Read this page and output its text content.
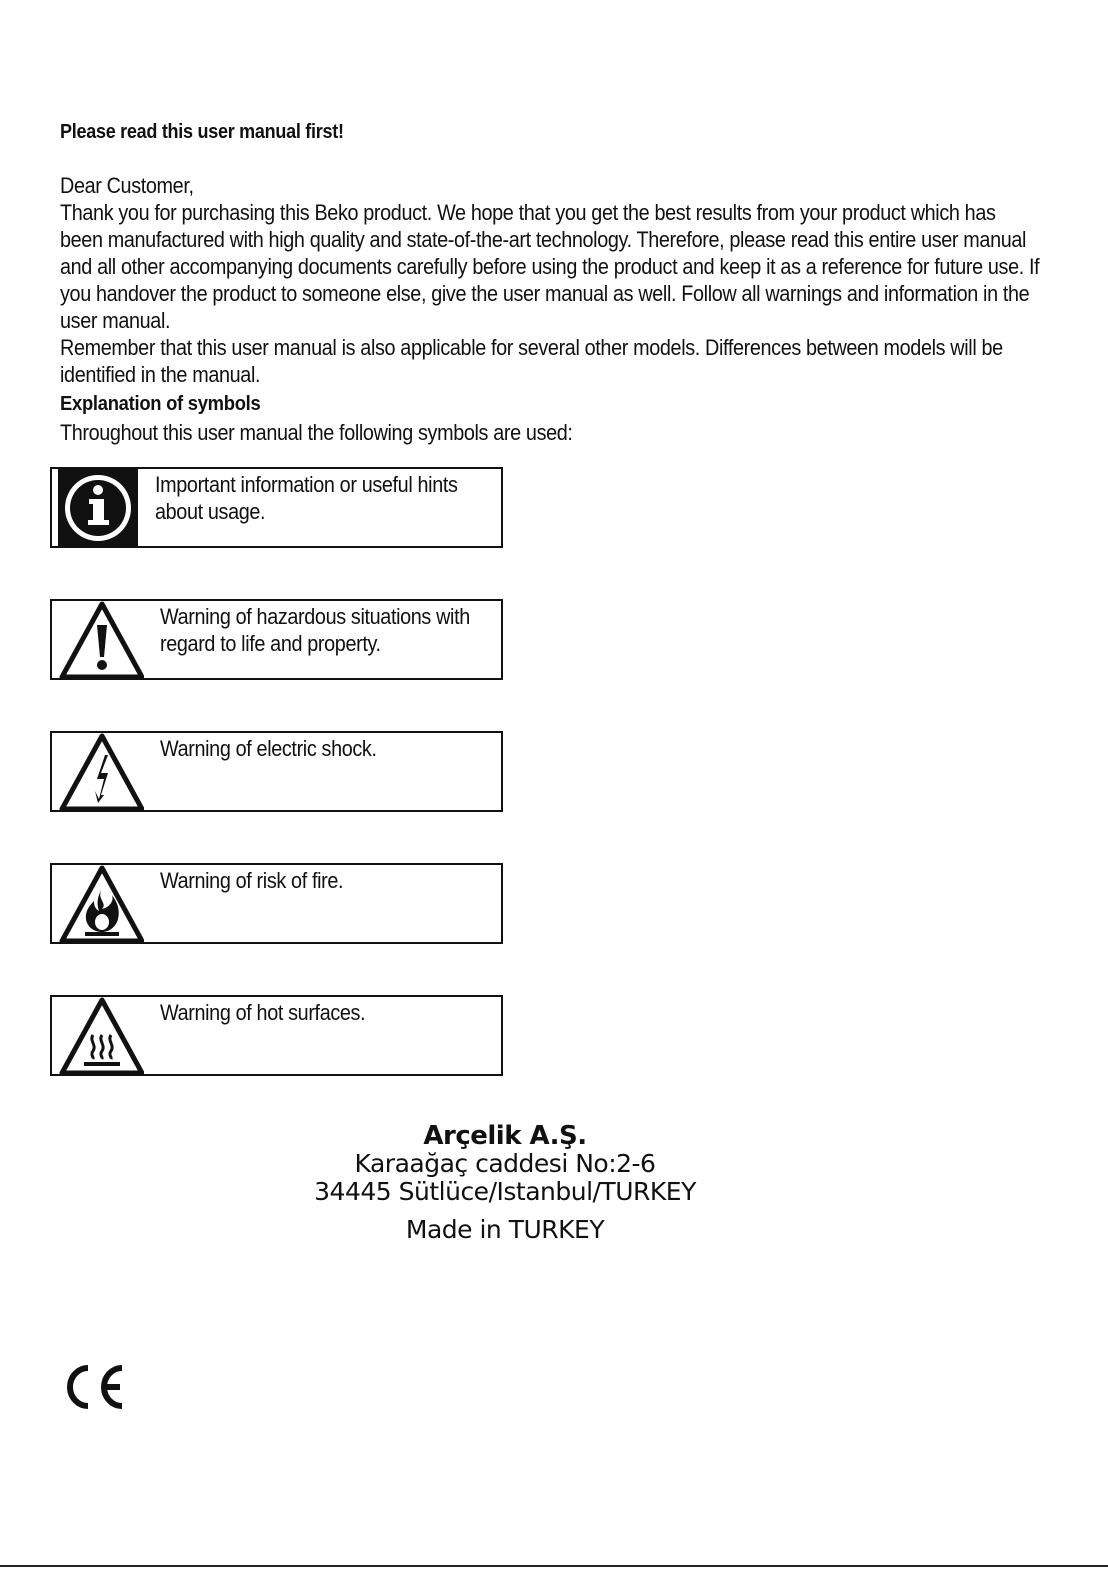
Please read this user manual first!

Dear Customer,

Thank you for purchasing this Beko product. We hope that you get the best results from your product which has been manufactured with high quality and state-of-the-art technology. Therefore, please read this entire user manual and all other accompanying documents carefully before using the product and keep it as a reference for future use. If you handover the product to someone else, give the user manual as well. Follow all warnings and information in the user manual.

Remember that this user manual is also applicable for several other models. Differences between models will be identified in the manual.

Explanation of symbols
Throughout this user manual the following symbols are used:
Important information or useful hints about usage.
Warning of hazardous situations with regard to life and property.
Warning of electric shock.
Warning of risk of fire.
Warning of hot surfaces.
Arçelik A.Ş.
Karaağaç caddesi No:2-6
34445 Sütlüce/Istanbul/TURKEY
Made in TURKEY
